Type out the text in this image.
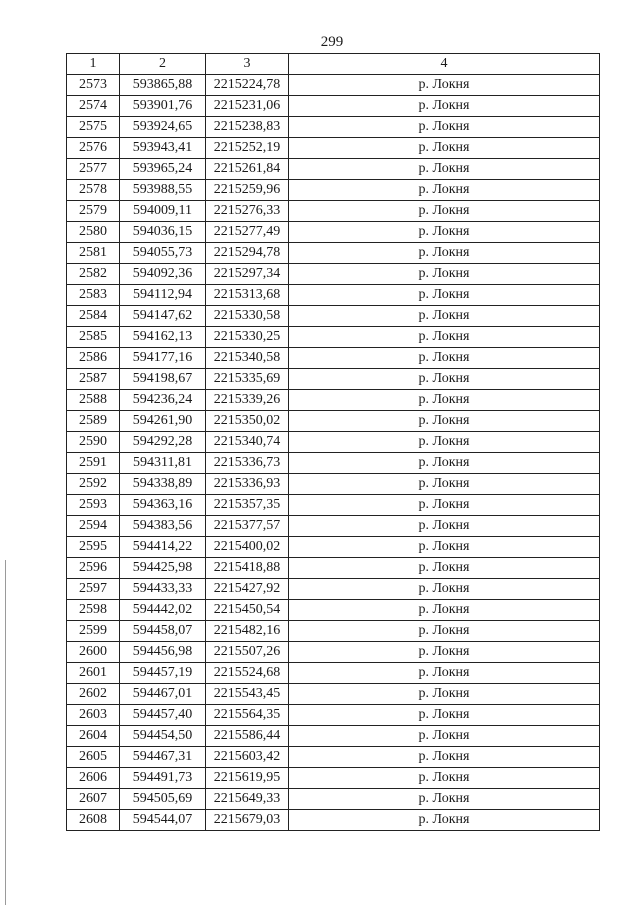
299
1	2	3	4
2573	593865,88	2215224,78	р. Локня
2574	593901,76	2215231,06	р. Локня
2575	593924,65	2215238,83	р. Локня
2576	593943,41	2215252,19	р. Локня
2577	593965,24	2215261,84	р. Локня
2578	593988,55	2215259,96	р. Локня
2579	594009,11	2215276,33	р. Локня
2580	594036,15	2215277,49	р. Локня
2581	594055,73	2215294,78	р. Локня
2582	594092,36	2215297,34	р. Локня
2583	594112,94	2215313,68	р. Локня
2584	594147,62	2215330,58	р. Локня
2585	594162,13	2215330,25	р. Локня
2586	594177,16	2215340,58	р. Локня
2587	594198,67	2215335,69	р. Локня
2588	594236,24	2215339,26	р. Локня
2589	594261,90	2215350,02	р. Локня
2590	594292,28	2215340,74	р. Локня
2591	594311,81	2215336,73	р. Локня
2592	594338,89	2215336,93	р. Локня
2593	594363,16	2215357,35	р. Локня
2594	594383,56	2215377,57	р. Локня
2595	594414,22	2215400,02	р. Локня
2596	594425,98	2215418,88	р. Локня
2597	594433,33	2215427,92	р. Локня
2598	594442,02	2215450,54	р. Локня
2599	594458,07	2215482,16	р. Локня
2600	594456,98	2215507,26	р. Локня
2601	594457,19	2215524,68	р. Локня
2602	594467,01	2215543,45	р. Локня
2603	594457,40	2215564,35	р. Локня
2604	594454,50	2215586,44	р. Локня
2605	594467,31	2215603,42	р. Локня
2606	594491,73	2215619,95	р. Локня
2607	594505,69	2215649,33	р. Локня
2608	594544,07	2215679,03	р. Локня
